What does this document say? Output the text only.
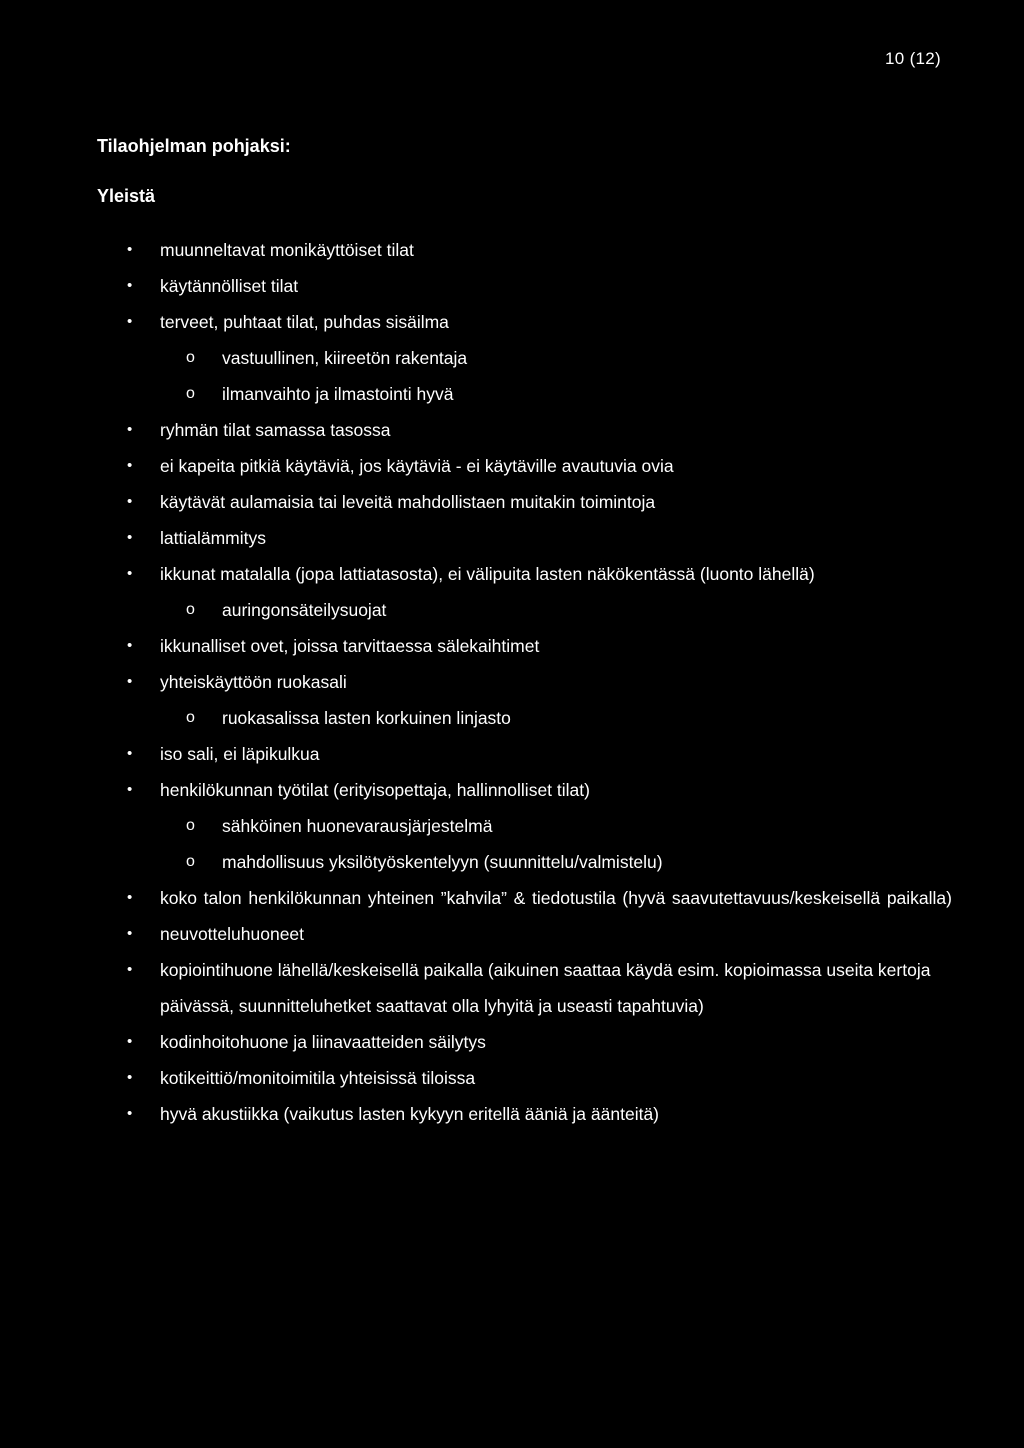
10 (12)
Tilaohjelman pohjaksi:
Yleistä
• muunneltavat monikäyttöiset tilat
• käytännölliset tilat
• terveet, puhtaat tilat, puhdas sisäilma
o vastuullinen, kiireetön rakentaja
o ilmanvaihto ja ilmastointi hyvä
• ryhmän tilat samassa tasossa
• ei kapeita pitkiä käytäviä, jos käytäviä - ei käytäville avautuvia ovia
• käytävät aulamaisia tai leveitä mahdollistaen muitakin toimintoja
• lattialämmitys
• ikkunat matalalla (jopa lattiatasosta), ei välipuita lasten näkökentässä (luonto lähellä)
o auringonsäteilysuojat
• ikkunalliset ovet, joissa tarvittaessa sälekaihtimet
• yhteiskäyttöön ruokasali
o ruokasalissa lasten korkuinen linjasto
• iso sali, ei läpikulkua
• henkilökunnan työtilat (erityisopettaja, hallinnolliset tilat)
o sähköinen huonevarausjärjestelmä
o mahdollisuus yksilötyöskentelyyn (suunnittelu/valmistelu)
• koko talon henkilökunnan yhteinen ”kahvila” & tiedotustila (hyvä saavutettavuus/keskeisellä paikalla)
• neuvotteluhuoneet
• kopiointihuone lähellä/keskeisellä paikalla (aikuinen saattaa käydä esim. kopioimassa useita kertoja päivässä, suunnitteluhetket saattavat olla lyhyitä ja useasti tapahtuvia)
• kodinhoitohuone ja liinavaatteiden säilytys
• kotikeittiö/monitoimitila yhteisissä tiloissa
• hyvä akustiikka (vaikutus lasten kykyyn eritellä ääniä ja äänteitä)
